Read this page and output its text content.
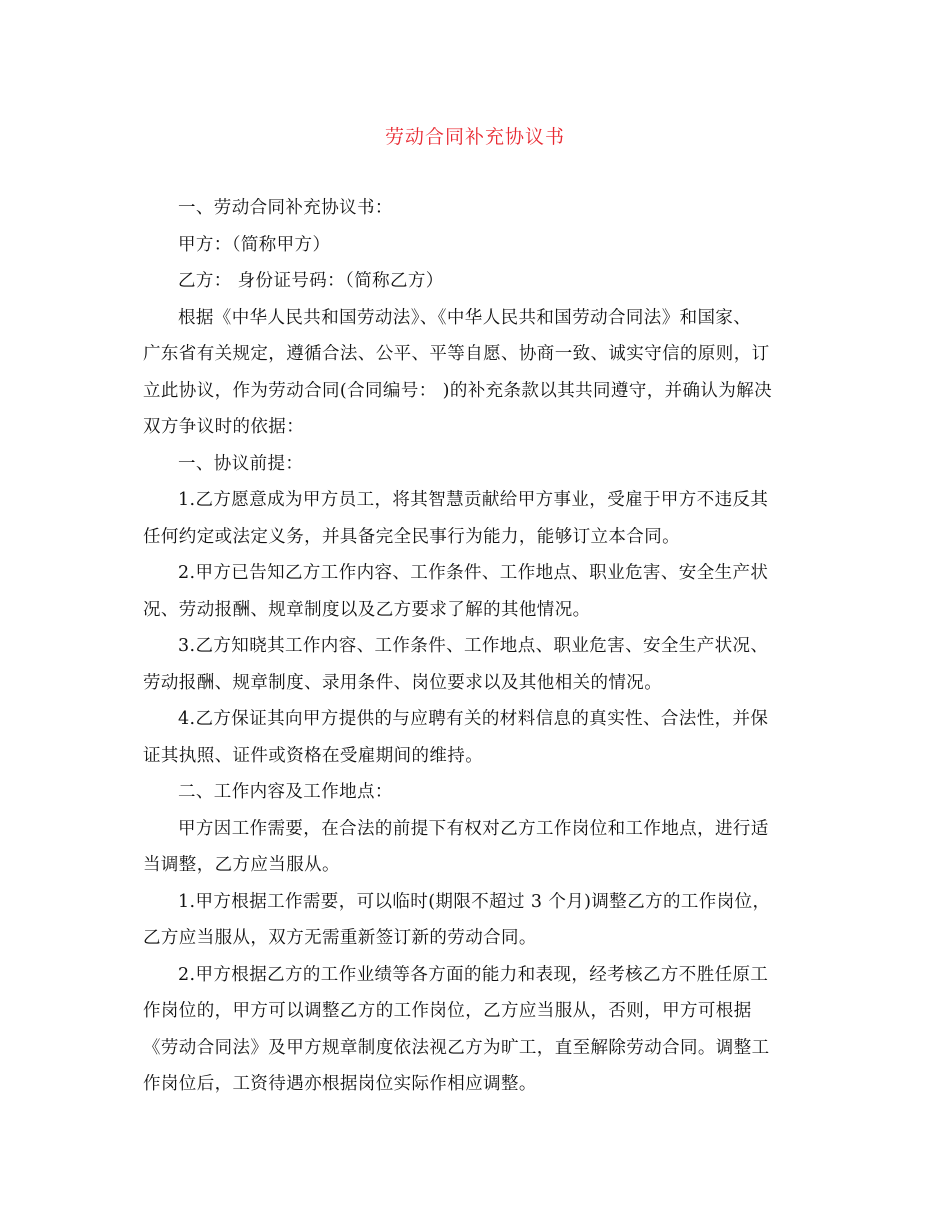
劳动合同补充协议书
一、劳动合同补充协议书：
甲方：（简称甲方）
乙方： 身份证号码：（简称乙方）
根据《中华人民共和国劳动法》、《中华人民共和国劳动合同法》和国家、
广东省有关规定，遵循合法、公平、平等自愿、协商一致、诚实守信的原则，订
立此协议，作为劳动合同(合同编号： )的补充条款以其共同遵守，并确认为解决
双方争议时的依据：
一、协议前提：
1.乙方愿意成为甲方员工，将其智慧贡献给甲方事业，受雇于甲方不违反其
任何约定或法定义务，并具备完全民事行为能力，能够订立本合同。
2.甲方已告知乙方工作内容、工作条件、工作地点、职业危害、安全生产状
况、劳动报酬、规章制度以及乙方要求了解的其他情况。
3.乙方知晓其工作内容、工作条件、工作地点、职业危害、安全生产状况、
劳动报酬、规章制度、录用条件、岗位要求以及其他相关的情况。
4.乙方保证其向甲方提供的与应聘有关的材料信息的真实性、合法性，并保
证其执照、证件或资格在受雇期间的维持。
二、工作内容及工作地点：
甲方因工作需要，在合法的前提下有权对乙方工作岗位和工作地点，进行适
当调整，乙方应当服从。
1.甲方根据工作需要，可以临时(期限不超过 3 个月)调整乙方的工作岗位，
乙方应当服从，双方无需重新签订新的劳动合同。
2.甲方根据乙方的工作业绩等各方面的能力和表现，经考核乙方不胜任原工
作岗位的，甲方可以调整乙方的工作岗位，乙方应当服从，否则，甲方可根据
《劳动合同法》及甲方规章制度依法视乙方为旷工，直至解除劳动合同。调整工
作岗位后，工资待遇亦根据岗位实际作相应调整。
